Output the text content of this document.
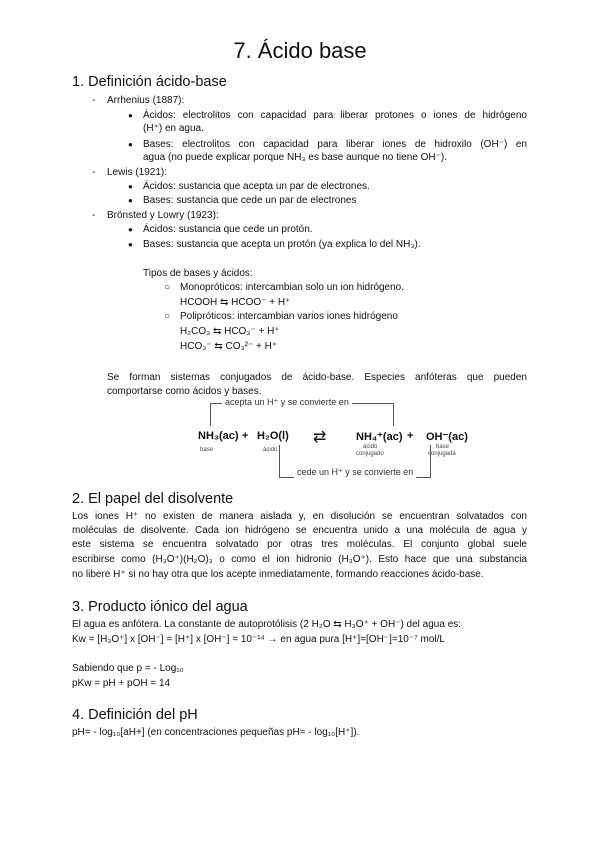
7. Ácido base
1. Definición ácido-base
- Arrhenius (1887):
● Ácidos: electrolitos con capacidad para liberar protones o iones de hidrógeno
(H⁺) en agua.
● Bases: electrolitos con capacidad para liberar iones de hidroxilo (OH⁻) en
agua (no puede explicar porque NH₃ es base aunque no tiene OH⁻).
- Lewis (1921):
● Ácidos: sustancia que acepta un par de electrones.
● Bases: sustancia que cede un par de electrones
- Brönsted y Lowry (1923):
● Ácidos: sustancia que cede un protón.
● Bases: sustancia que acepta un protón (ya explica lo del NH₃).
Tipos de bases y ácidos:
○ Monopróticos: intercambian solo un ion hidrógeno.
HCOOH ⇆ HCOO⁻ + H⁺
○ Polipróticos: intercambian varios iones hidrógeno
H₂CO₃ ⇆ HCO₃⁻ + H⁺
HCO₃⁻ ⇆ CO₃²⁻ + H⁺
Se forman sistemas conjugados de ácido-base. Especies anfóteras que pueden
comportarse como ácidos y bases.
acepta un H⁺ y se convierte en
NH₃(ac)
base
+ H₂O(l)
ácido
⇄	NH₄⁺(ac)
ácido
conjugado
+ OH⁻(ac)
base
conjugada
cede un H⁺ y se convierte en
2. El papel del disolvente
Los iones H⁺ no existen de manera aislada y, en disolución se encuentran solvatados con
moléculas de disolvente. Cada ion hidrógeno se encuentra unido a una molécula de agua y
este sistema se encuentra solvatado por otras tres moléculas. El conjunto global suele
escribirse como (H₃O⁺)(H₂O)₃ o como el ion hidronio (H₃O⁺). Esto hace que una substancia
no libere H⁺ si no hay otra que los acepte inmediatamente, formando reacciones ácido-base.
3. Producto iónico del agua
El agua es anfótera. La constante de autoprotólisis (2 H₂O ⇆ H₃O⁺ + OH⁻) del agua es:
Kw = [H₃O⁺] x [OH⁻] = [H⁺] x [OH⁻] = 10⁻¹⁴ → en agua pura [H⁺]=[OH⁻]=10⁻⁷ mol/L
Sabiendo que p = - Log₁₀
pKw = pH + pOH = 14
4. Definición del pH
pH= - log₁₀[aH+] (en concentraciones pequeñas pH= - log₁₀[H⁺]).
